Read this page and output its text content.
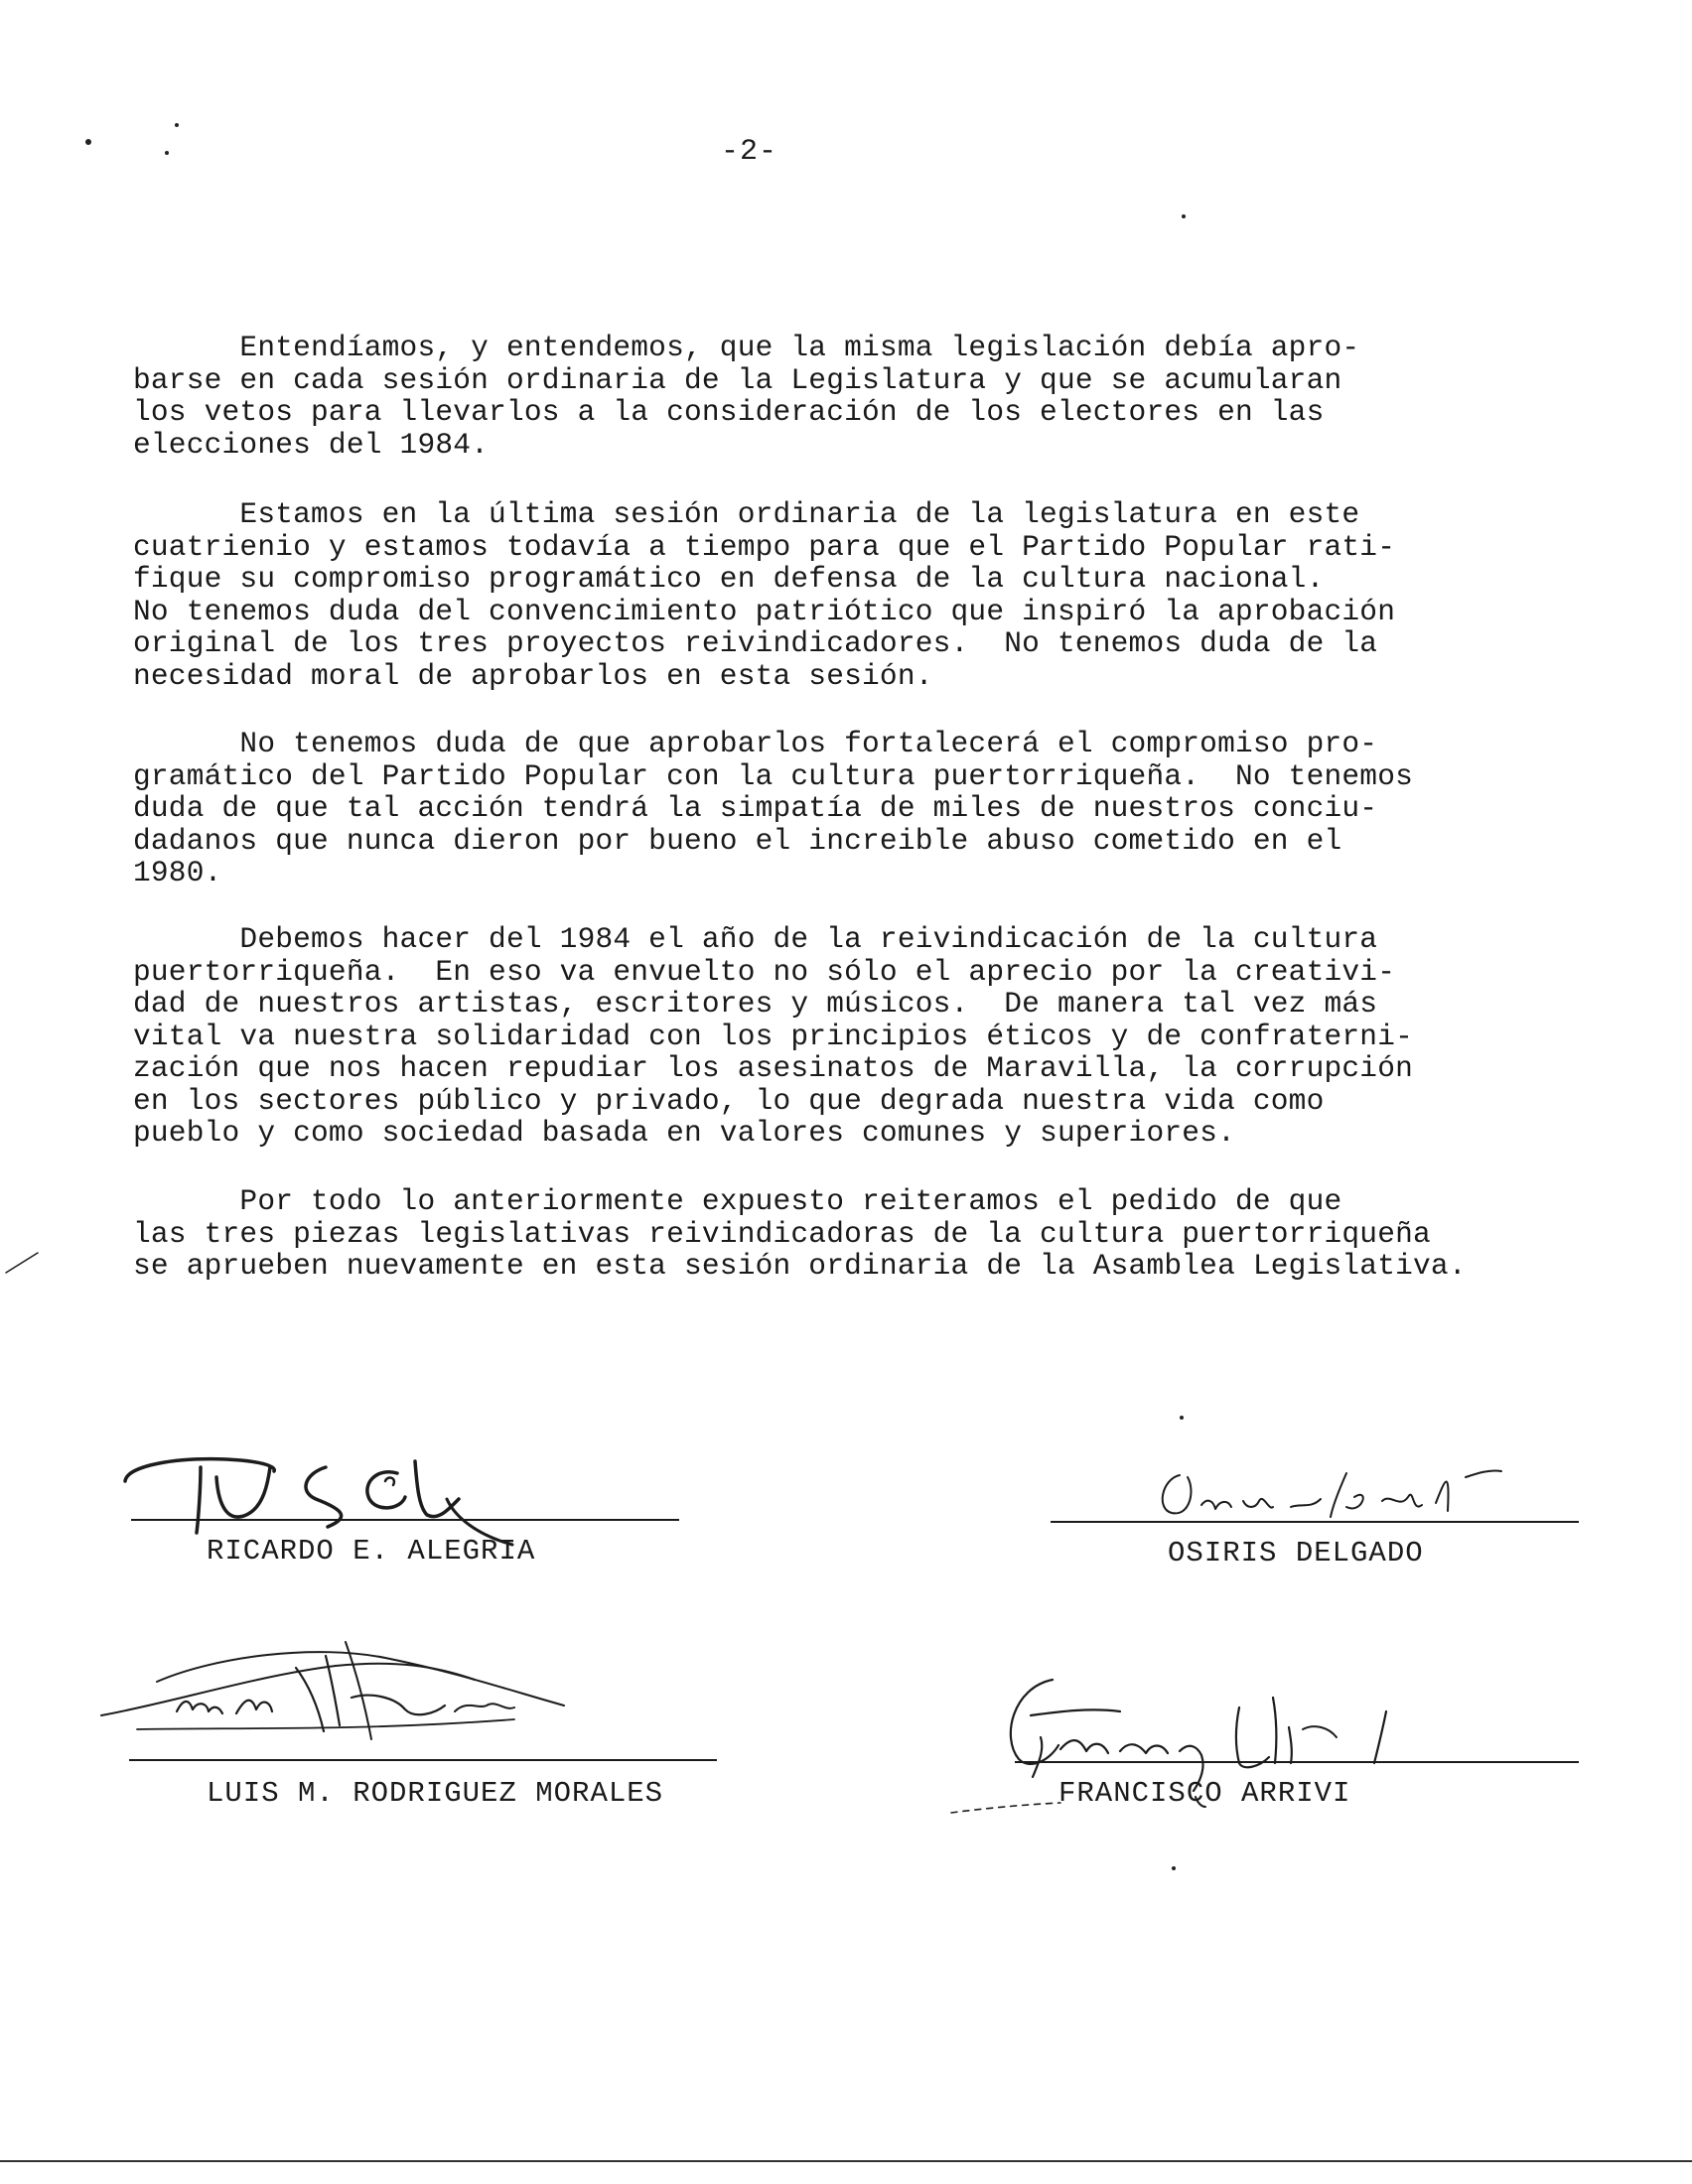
-2-

Entendíamos, y entendemos, que la misma legislación debía apro-
barse en cada sesión ordinaria de la Legislatura y que se acumularan
los vetos para llevarlos a la consideración de los electores en las
elecciones del 1984.

Estamos en la última sesión ordinaria de la legislatura en este
cuatrienio y estamos todavía a tiempo para que el Partido Popular rati-
fique su compromiso programático en defensa de la cultura nacional.
No tenemos duda del convencimiento patriótico que inspiró la aprobación
original de los tres proyectos reivindicadores.  No tenemos duda de la
necesidad moral de aprobarlos en esta sesión.

No tenemos duda de que aprobarlos fortalecerá el compromiso pro-
gramático del Partido Popular con la cultura puertorriqueña.  No tenemos
duda de que tal acción tendrá la simpatía de miles de nuestros conciu-
dadanos que nunca dieron por bueno el increible abuso cometido en el
1980.

Debemos hacer del 1984 el año de la reivindicación de la cultura
puertorriqueña.  En eso va envuelto no sólo el aprecio por la creativi-
dad de nuestros artistas, escritores y músicos.  De manera tal vez más
vital va nuestra solidaridad con los principios éticos y de confraterni-
zación que nos hacen repudiar los asesinatos de Maravilla, la corrupción
en los sectores público y privado, lo que degrada nuestra vida como
pueblo y como sociedad basada en valores comunes y superiores.

Por todo lo anteriormente expuesto reiteramos el pedido de que
las tres piezas legislativas reivindicadoras de la cultura puertorriqueña
se aprueben nuevamente en esta sesión ordinaria de la Asamblea Legislativa.

RICARDO E. ALEGRIA	OSIRIS DELGADO
LUIS M. RODRIGUEZ MORALES	FRANCISCO ARRIVI
